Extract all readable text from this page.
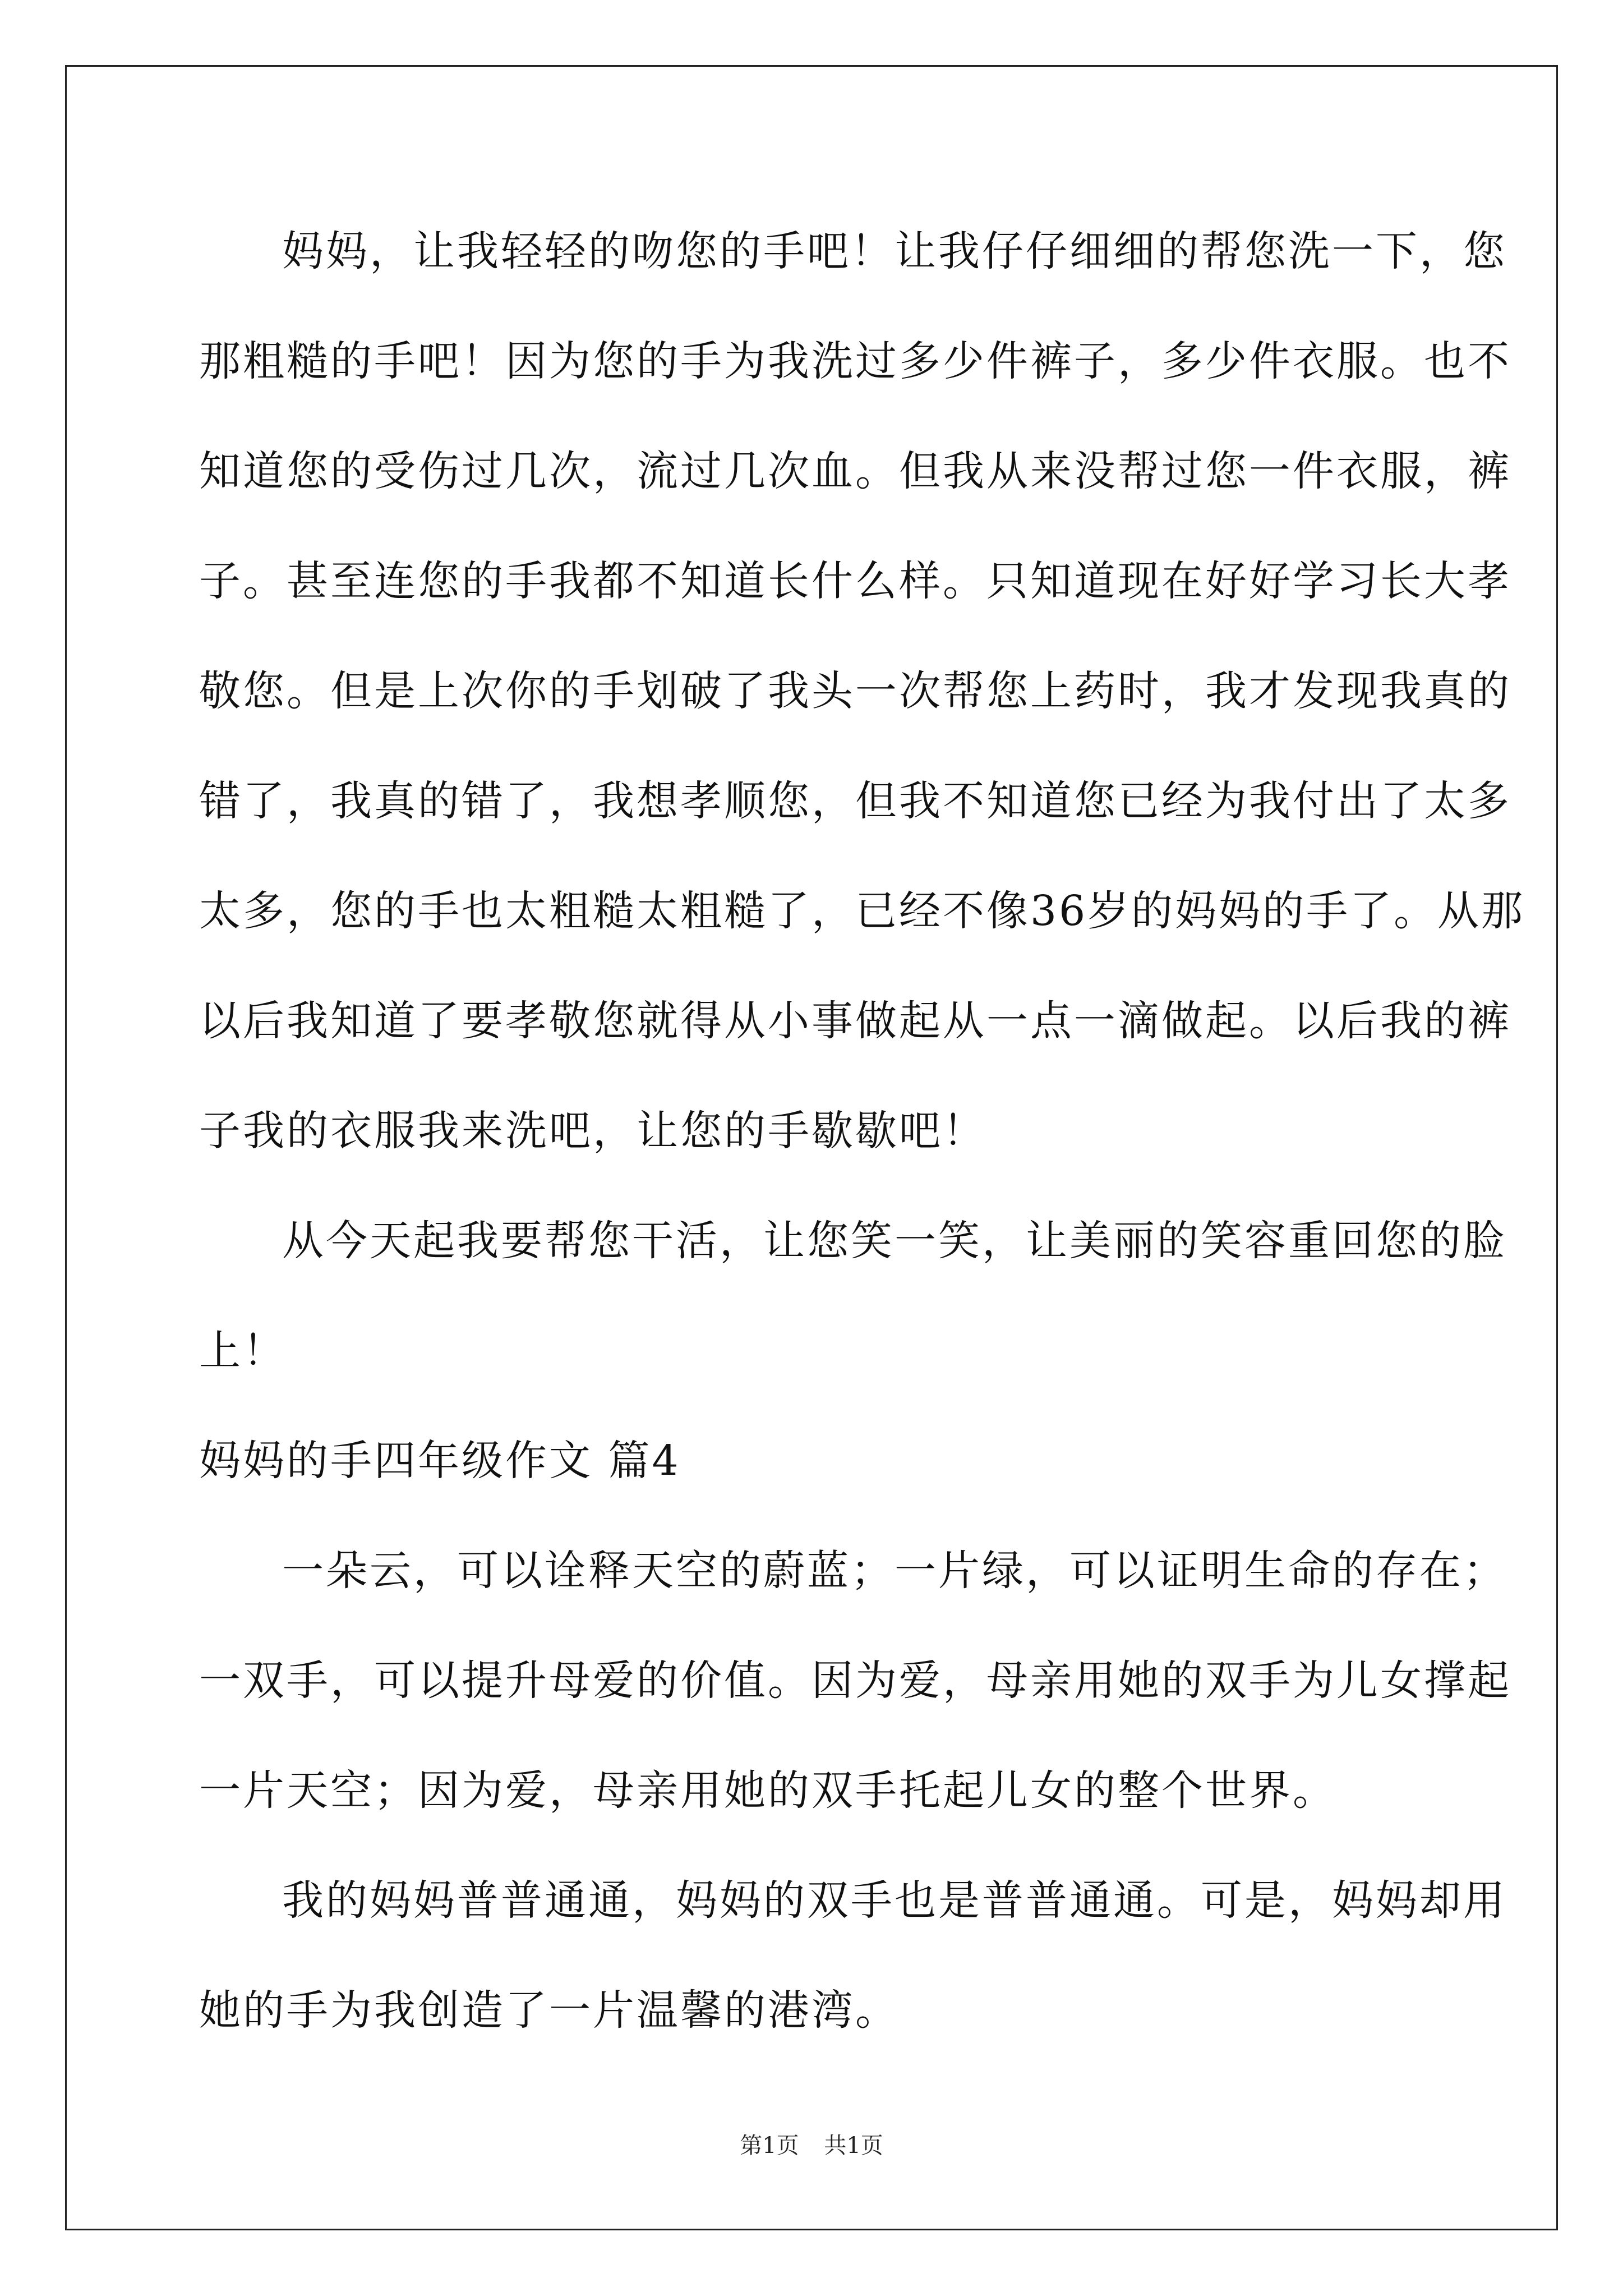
妈妈，让我轻轻的吻您的手吧！让我仔仔细细的帮您洗一下，您
那粗糙的手吧！因为您的手为我洗过多少件裤子，多少件衣服。也不
知道您的受伤过几次，流过几次血。但我从来没帮过您一件衣服，裤
子。甚至连您的手我都不知道长什么样。只知道现在好好学习长大孝
敬您。但是上次你的手划破了我头一次帮您上药时，我才发现我真的
错了，我真的错了，我想孝顺您，但我不知道您已经为我付出了太多
太多，您的手也太粗糙太粗糙了，已经不像36岁的妈妈的手了。从那
以后我知道了要孝敬您就得从小事做起从一点一滴做起。以后我的裤
子我的衣服我来洗吧，让您的手歇歇吧！
从今天起我要帮您干活，让您笑一笑，让美丽的笑容重回您的脸
上！
妈妈的手四年级作文 篇4
一朵云，可以诠释天空的蔚蓝；一片绿，可以证明生命的存在；
一双手，可以提升母爱的价值。因为爱，母亲用她的双手为儿女撑起
一片天空；因为爱，母亲用她的双手托起儿女的整个世界。
我的妈妈普普通通，妈妈的双手也是普普通通。可是，妈妈却用
她的手为我创造了一片温馨的港湾。
第1页 共1页
